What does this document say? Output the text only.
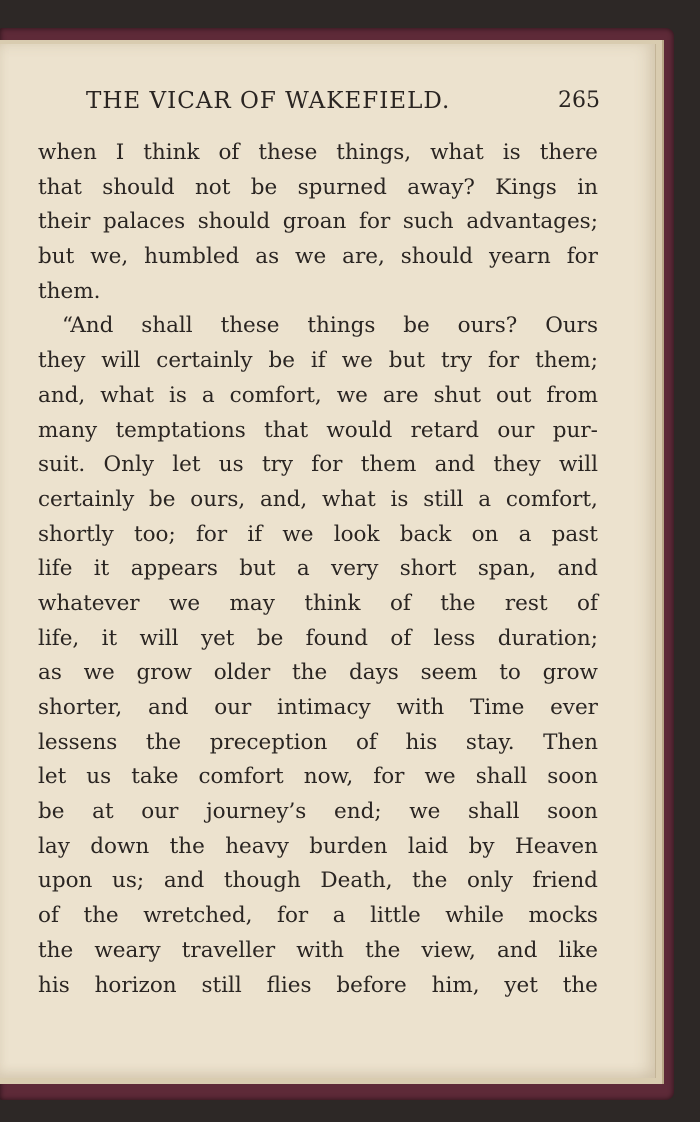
THE VICAR OF WAKEFIELD.	265
when I think of these things, what is there
that should not be spurned away? Kings in
their palaces should groan for such advantages;
but we, humbled as we are, should yearn for
them.
“And shall these things be ours? Ours
they will certainly be if we but try for them;
and, what is a comfort, we are shut out from
many temptations that would retard our pur-
suit. Only let us try for them and they will
certainly be ours, and, what is still a comfort,
shortly too; for if we look back on a past
life it appears but a very short span, and
whatever we may think of the rest of
life, it will yet be found of less duration;
as we grow older the days seem to grow
shorter, and our intimacy with Time ever
lessens the preception of his stay. Then
let us take comfort now, for we shall soon
be at our journey’s end; we shall soon
lay down the heavy burden laid by Heaven
upon us; and though Death, the only friend
of the wretched, for a little while mocks
the weary traveller with the view, and like
his horizon still flies before him, yet the
